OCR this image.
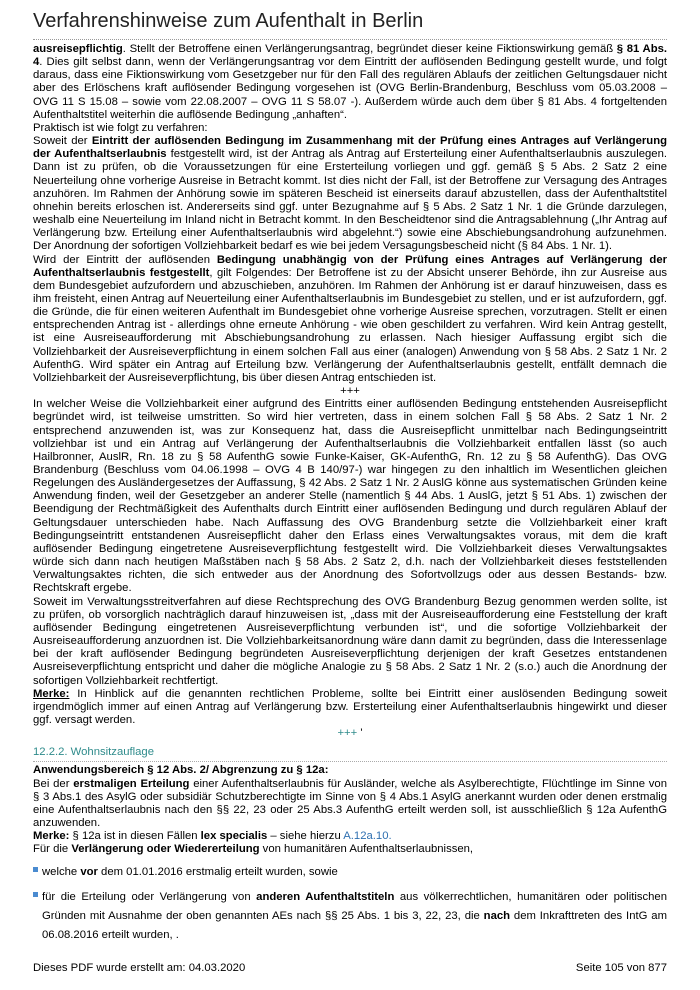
Verfahrenshinweise zum Aufenthalt in Berlin

ausreisepflichtig. Stellt der Betroffene einen Verlängerungsantrag, begründet dieser keine Fiktionswirkung gemäß § 81 Abs. 4. Dies gilt selbst dann, wenn der Verlängerungsantrag vor dem Eintritt der auflösenden Bedingung gestellt wurde, und folgt daraus, dass eine Fiktionswirkung vom Gesetzgeber nur für den Fall des regulären Ablaufs der zeitlichen Geltungsdauer nicht aber des Erlöschens kraft auflösender Bedingung vorgesehen ist (OVG Berlin-Brandenburg, Beschluss vom 05.03.2008 – OVG 11 S 15.08 – sowie vom 22.08.2007 – OVG 11 S 58.07 -). Außerdem würde auch dem über § 81 Abs. 4 fortgeltenden Aufenthaltstitel weiterhin die auflösende Bedingung „anhaften“.

Praktisch ist wie folgt zu verfahren:

Soweit der Eintritt der auflösenden Bedingung im Zusammenhang mit der Prüfung eines Antrages auf Verlängerung der Aufenthaltserlaubnis festgestellt wird, ist der Antrag als Antrag auf Ersterteilung einer Aufenthaltserlaubnis auszulegen. Dann ist zu prüfen, ob die Voraussetzungen für eine Ersterteilung vorliegen und ggf. gemäß § 5 Abs. 2 Satz 2 eine Neuerteilung ohne vorherige Ausreise in Betracht kommt. Ist dies nicht der Fall, ist der Betroffene zur Versagung des Antrages anzuhören. Im Rahmen der Anhörung sowie im späteren Bescheid ist einerseits darauf abzustellen, dass der Aufenthaltstitel ohnehin bereits erloschen ist. Andererseits sind ggf. unter Bezugnahme auf § 5 Abs. 2 Satz 1 Nr. 1 die Gründe darzulegen, weshalb eine Neuerteilung im Inland nicht in Betracht kommt. In den Bescheidtenor sind die Antragsablehnung („Ihr Antrag auf Verlängerung bzw. Erteilung einer Aufenthaltserlaubnis wird abgelehnt.“) sowie eine Abschiebungsandrohung aufzunehmen. Der Anordnung der sofortigen Vollziehbarkeit bedarf es wie bei jedem Versagungsbescheid nicht (§ 84 Abs. 1 Nr. 1).

Wird der Eintritt der auflösenden Bedingung unabhängig von der Prüfung eines Antrages auf Verlängerung der Aufenthaltserlaubnis festgestellt, gilt Folgendes: Der Betroffene ist zu der Absicht unserer Behörde, ihn zur Ausreise aus dem Bundesgebiet aufzufordern und abzuschieben, anzuhören. Im Rahmen der Anhörung ist er darauf hinzuweisen, dass es ihm freisteht, einen Antrag auf Neuerteilung einer Aufenthaltserlaubnis im Bundesgebiet zu stellen, und er ist aufzufordern, ggf. die Gründe, die für einen weiteren Aufenthalt im Bundesgebiet ohne vorherige Ausreise sprechen, vorzutragen. Stellt er einen entsprechenden Antrag ist - allerdings ohne erneute Anhörung - wie oben geschildert zu verfahren. Wird kein Antrag gestellt, ist eine Ausreiseaufforderung mit Abschiebungsandrohung zu erlassen. Nach hiesiger Auffassung ergibt sich die Vollziehbarkeit der Ausreiseverpflichtung in einem solchen Fall aus einer (analogen) Anwendung von § 58 Abs. 2 Satz 1 Nr. 2 AufenthG. Wird später ein Antrag auf Erteilung bzw. Verlängerung der Aufenthaltserlaubnis gestellt, entfällt demnach die Vollziehbarkeit der Ausreiseverpflichtung, bis über diesen Antrag entschieden ist.

+++

In welcher Weise die Vollziehbarkeit einer aufgrund des Eintritts einer auflösenden Bedingung entstehenden Ausreisepflicht begründet wird, ist teilweise umstritten. So wird hier vertreten, dass in einem solchen Fall § 58 Abs. 2 Satz 1 Nr. 2 entsprechend anzuwenden ist, was zur Konsequenz hat, dass die Ausreisepflicht unmittelbar nach Bedingungseintritt vollziehbar ist und ein Antrag auf Verlängerung der Aufenthaltserlaubnis die Vollziehbarkeit entfallen lässt (so auch Hailbronner, AuslR, Rn. 18 zu § 58 AufenthG sowie Funke-Kaiser, GK-AufenthG, Rn. 12 zu § 58 AufenthG). Das OVG Brandenburg (Beschluss vom 04.06.1998 – OVG 4 B 140/97-) war hingegen zu den inhaltlich im Wesentlichen gleichen Regelungen des Ausländergesetzes der Auffassung, § 42 Abs. 2 Satz 1 Nr. 2 AuslG könne aus systematischen Gründen keine Anwendung finden, weil der Gesetzgeber an anderer Stelle (namentlich § 44 Abs. 1 AuslG, jetzt § 51 Abs. 1) zwischen der Beendigung der Rechtmäßigkeit des Aufenthalts durch Eintritt einer auflösenden Bedingung und durch regulären Ablauf der Geltungsdauer unterschieden habe. Nach Auffassung des OVG Brandenburg setzte die Vollziehbarkeit einer kraft Bedingungseintritt entstandenen Ausreisepflicht daher den Erlass eines Verwaltungsaktes voraus, mit dem die kraft auflösender Bedingung eingetretene Ausreiseverpflichtung festgestellt wird. Die Vollziehbarkeit dieses Verwaltungsaktes würde sich dann nach heutigen Maßstäben nach § 58 Abs. 2 Satz 2, d.h. nach der Vollziehbarkeit dieses feststellenden Verwaltungsaktes richten, die sich entweder aus der Anordnung des Sofortvollzugs oder aus dessen Bestands- bzw. Rechtskraft ergebe.

Soweit im Verwaltungsstreitverfahren auf diese Rechtsprechung des OVG Brandenburg Bezug genommen werden sollte, ist zu prüfen, ob vorsorglich nachträglich darauf hinzuweisen ist, „dass mit der Ausreiseaufforderung eine Feststellung der kraft auflösender Bedingung eingetretenen Ausreiseverpflichtung verbunden ist“, und die sofortige Vollziehbarkeit der Ausreiseaufforderung anzuordnen ist. Die Vollziehbarkeitsanordnung wäre dann damit zu begründen, dass die Interessenlage bei der kraft auflösender Bedingung begründeten Ausreiseverpflichtung derjenigen der kraft Gesetzes entstandenen Ausreiseverpflichtung entspricht und daher die mögliche Analogie zu § 58 Abs. 2 Satz 1 Nr. 2 (s.o.) auch die Anordnung der sofortigen Vollziehbarkeit rechtfertigt.

Merke: In Hinblick auf die genannten rechtlichen Probleme, sollte bei Eintritt einer auslösenden Bedingung soweit irgendmöglich immer auf einen Antrag auf Verlängerung bzw. Ersterteilung einer Aufenthaltserlaubnis hingewirkt und dieser ggf. versagt werden.

+++ '

12.2.2. Wohnsitzauflage

Anwendungsbereich § 12 Abs. 2/ Abgrenzung zu § 12a:

Bei der erstmaligen Erteilung einer Aufenthaltserlaubnis für Ausländer, welche als Asylberechtigte, Flüchtlinge im Sinne von § 3 Abs.1 des AsylG oder subsidiär Schutzberechtigte im Sinne von § 4 Abs.1 AsylG anerkannt wurden oder denen erstmalig eine Aufenthaltserlaubnis nach den §§ 22, 23 oder 25 Abs.3 AufenthG erteilt werden soll, ist ausschließlich § 12a AufenthG anzuwenden.

Merke: § 12a ist in diesen Fällen lex specialis – siehe hierzu A.12a.10.

Für die Verlängerung oder Wiedererteilung von humanitären Aufenthaltserlaubnissen,

welche vor dem 01.01.2016 erstmalig erteilt wurden, sowie

für die Erteilung oder Verlängerung von anderen Aufenthaltstiteln aus völkerrechtlichen, humanitären oder politischen Gründen mit Ausnahme der oben genannten AEs nach §§ 25 Abs. 1 bis 3, 22, 23, die nach dem Inkrafttreten des IntG am 06.08.2016 erteilt wurden, .

Dieses PDF wurde erstellt am: 04.03.2020	Seite 105 von 877
